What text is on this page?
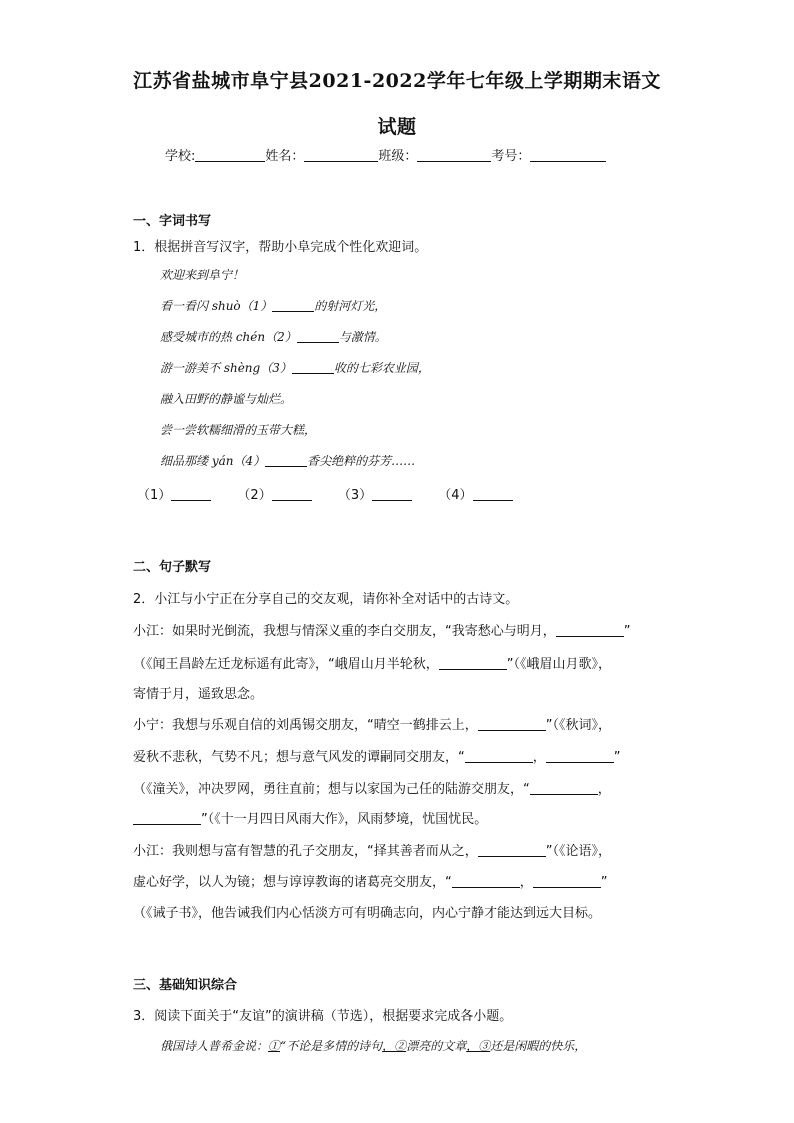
江苏省盐城市阜宁县2021-2022学年七年级上学期期末语文
试题
学校:	姓名：	班级：	考号：
一、字词书写
1．根据拼音写汉字，帮助小阜完成个性化欢迎词。
欢迎来到阜宁！
看一看闪 shuò（1）	的射河灯光，
感受城市的热 chén（2）	与激情。
游一游美不 shèng（3）	收的七彩农业园，
融入田野的静谧与灿烂。
尝一尝软糯细滑的玉带大糕，
细品那缕 yán（4）	香尖绝粹的芬芳……
（1）	（2）	（3）	（4）
二、句子默写
2．小江与小宁正在分享自己的交友观，请你补全对话中的古诗文。
小江：如果时光倒流，我想与情深义重的李白交朋友，“我寄愁心与明月，	”
（《闻王昌龄左迁龙标遥有此寄》，“峨眉山月半轮秋，	”（《峨眉山月歌》，
寄情于月，遥致思念。
小宁：我想与乐观自信的刘禹锡交朋友，“晴空一鹤排云上，	”（《秋词》，
爱秋不悲秋，气势不凡；想与意气风发的谭嗣同交朋友，“	，	”
（《潼关》，冲决罗网，勇往直前；想与以家国为己任的陆游交朋友，“	，
”（《十一月四日风雨大作》，风雨梦境，忧国忧民。
小江：我则想与富有智慧的孔子交朋友，“择其善者而从之，	”（《论语》，
虚心好学，以人为镜；想与谆谆教诲的诸葛亮交朋友，“	，	”
（《诫子书》，他告诫我们内心恬淡方可有明确志向，内心宁静才能达到远大目标。
三、基础知识综合
3．阅读下面关于“友谊”的演讲稿（节选），根据要求完成各小题。
俄国诗人普希金说：①“不论是多情的诗句，②漂亮的文章，③还是闲暇的快乐，
